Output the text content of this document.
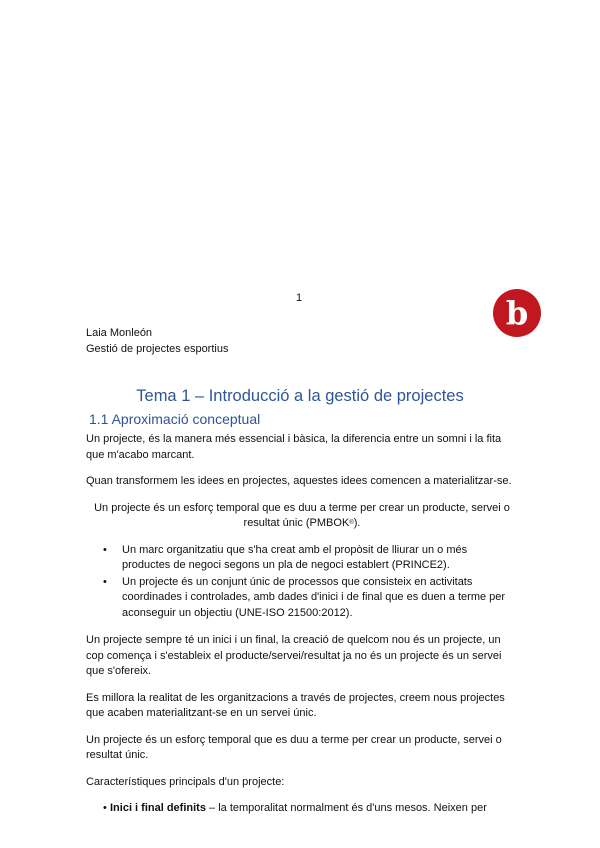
1	b
Laia Monleón
Gestió de projectes esportius
Tema 1 – Introducció a la gestió de projectes
1.1 Aproximació conceptual

Un projecte, és la manera més essencial i bàsica, la diferencia entre un somni i la fita que m'acabo marcant.

Quan transformem les idees en projectes, aquestes idees comencen a materialitzar-se.

Un projecte és un esforç temporal que es duu a terme per crear un producte, servei o resultat únic (PMBOK®).

• Un marc organitzatiu que s'ha creat amb el propòsit de lliurar un o més productes de negoci segons un pla de negoci establert (PRINCE2).
• Un projecte és un conjunt únic de processos que consisteix en activitats coordinades i controlades, amb dades d'inici i de final que es duen a terme per aconseguir un objectiu (UNE-ISO 21500:2012).

Un projecte sempre té un inici i un final, la creació de quelcom nou és un projecte, un cop comença i s'estableix el producte/servei/resultat ja no és un projecte és un servei que s'ofereix.

Es millora la realitat de les organitzacions a través de projectes, creem nous projectes que acaben materialitzant-se en un servei únic.

Un projecte és un esforç temporal que es duu a terme per crear un producte, servei o resultat únic.

Característiques principals d'un projecte:

• Inici i final definits – la temporalitat normalment és d'uns mesos. Neixen per
